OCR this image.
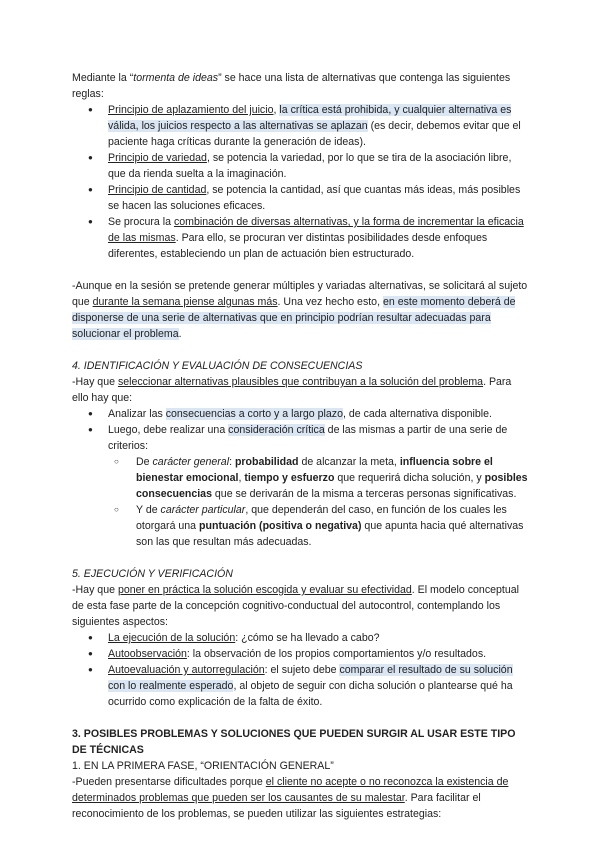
Mediante la “tormenta de ideas” se hace una lista de alternativas que contenga las siguientes reglas:

● Principio de aplazamiento del juicio, la crítica está prohibida, y cualquier alternativa es válida, los juicios respecto a las alternativas se aplazan (es decir, debemos evitar que el paciente haga críticas durante la generación de ideas).
● Principio de variedad, se potencia la variedad, por lo que se tira de la asociación libre, que da rienda suelta a la imaginación.
● Principio de cantidad, se potencia la cantidad, así que cuantas más ideas, más posibles se hacen las soluciones eficaces.
● Se procura la combinación de diversas alternativas, y la forma de incrementar la eficacia de las mismas. Para ello, se procuran ver distintas posibilidades desde enfoques diferentes, estableciendo un plan de actuación bien estructurado.

-Aunque en la sesión se pretende generar múltiples y variadas alternativas, se solicitará al sujeto que durante la semana piense algunas más. Una vez hecho esto, en este momento deberá de disponerse de una serie de alternativas que en principio podrían resultar adecuadas para solucionar el problema.

4. IDENTIFICACIÓN Y EVALUACIÓN DE CONSECUENCIAS

-Hay que seleccionar alternativas plausibles que contribuyan a la solución del problema. Para ello hay que:

● Analizar las consecuencias a corto y a largo plazo, de cada alternativa disponible.
● Luego, debe realizar una consideración crítica de las mismas a partir de una serie de criterios:
○ De carácter general: probabilidad de alcanzar la meta, influencia sobre el bienestar emocional, tiempo y esfuerzo que requerirá dicha solución, y posibles consecuencias que se derivarán de la misma a terceras personas significativas.
○ Y de carácter particular, que dependerán del caso, en función de los cuales les otorgará una puntuación (positiva o negativa) que apunta hacia qué alternativas son las que resultan más adecuadas.

5. EJECUCIÓN Y VERIFICACIÓN

-Hay que poner en práctica la solución escogida y evaluar su efectividad. El modelo conceptual de esta fase parte de la concepción cognitivo-conductual del autocontrol, contemplando los siguientes aspectos:

● La ejecución de la solución: ¿cómo se ha llevado a cabo?
● Autoobservación: la observación de los propios comportamientos y/o resultados.
● Autoevaluación y autorregulación: el sujeto debe comparar el resultado de su solución con lo realmente esperado, al objeto de seguir con dicha solución o plantearse qué ha ocurrido como explicación de la falta de éxito.

3. POSIBLES PROBLEMAS Y SOLUCIONES QUE PUEDEN SURGIR AL USAR ESTE TIPO DE TÉCNICAS

1. EN LA PRIMERA FASE, “ORIENTACIÓN GENERAL”

-Pueden presentarse dificultades porque el cliente no acepte o no reconozca la existencia de determinados problemas que pueden ser los causantes de su malestar. Para facilitar el reconocimiento de los problemas, se pueden utilizar las siguientes estrategias:
